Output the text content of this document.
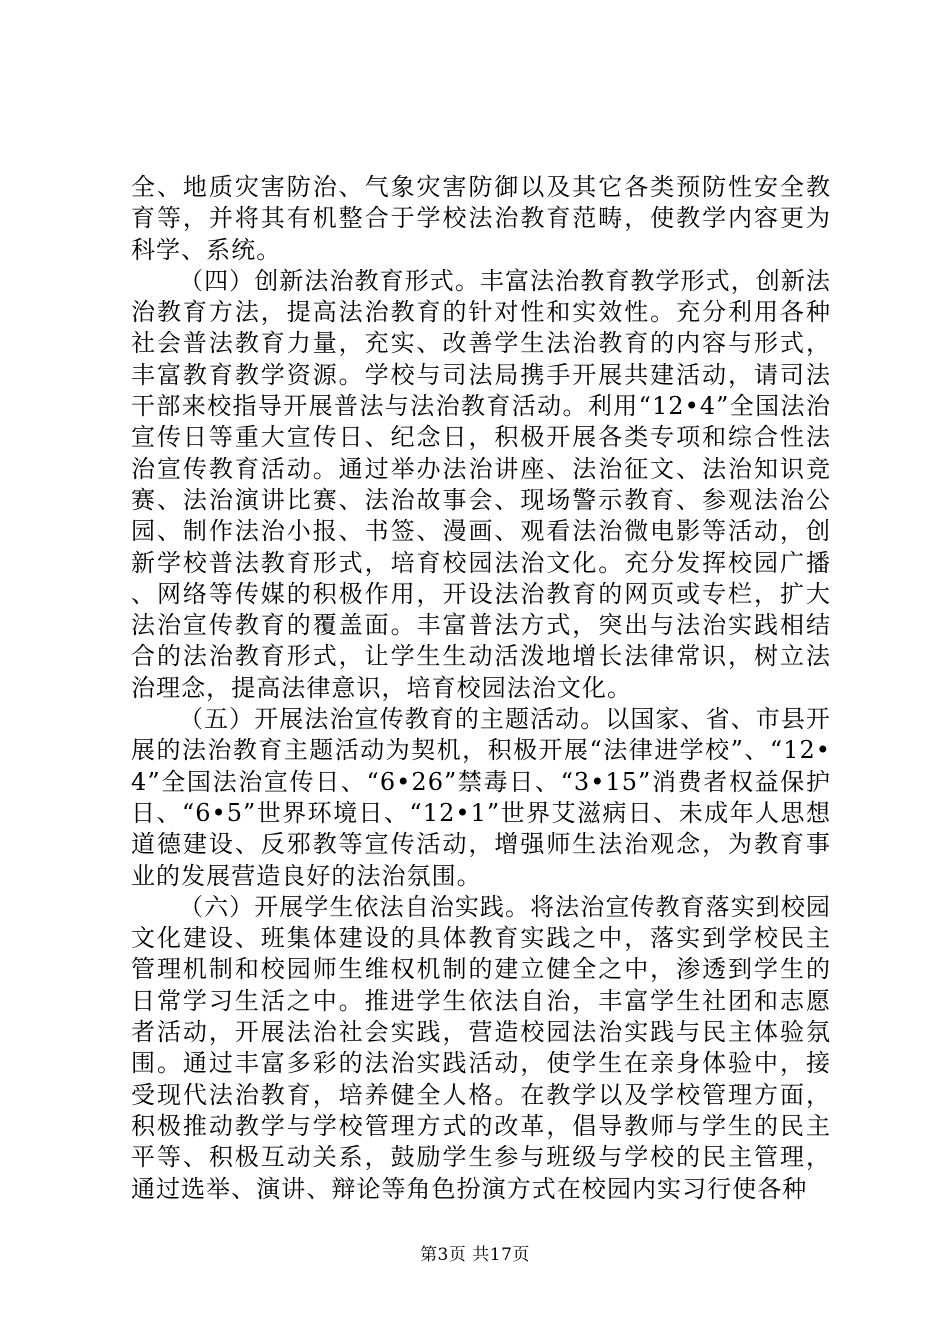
全、地质灾害防治、气象灾害防御以及其它各类预防性安全教育等，并将其有机整合于学校法治教育范畴，使教学内容更为科学、系统。

（四）创新法治教育形式。丰富法治教育教学形式，创新法治教育方法，提高法治教育的针对性和实效性。充分利用各种社会普法教育力量，充实、改善学生法治教育的内容与形式，丰富教育教学资源。学校与司法局携手开展共建活动，请司法干部来校指导开展普法与法治教育活动。利用“12•4”全国法治宣传日等重大宣传日、纪念日，积极开展各类专项和综合性法治宣传教育活动。通过举办法治讲座、法治征文、法治知识竞赛、法治演讲比赛、法治故事会、现场警示教育、参观法治公园、制作法治小报、书签、漫画、观看法治微电影等活动，创新学校普法教育形式，培育校园法治文化。充分发挥校园广播、网络等传媒的积极作用，开设法治教育的网页或专栏，扩大法治宣传教育的覆盖面。丰富普法方式，突出与法治实践相结合的法治教育形式，让学生生动活泼地增长法律常识，树立法治理念，提高法律意识，培育校园法治文化。

（五）开展法治宣传教育的主题活动。以国家、省、市县开展的法治教育主题活动为契机，积极开展“法律进学校”、“12•4”全国法治宣传日、“6•26”禁毒日、“3•15”消费者权益保护日、“6•5”世界环境日、“12•1”世界艾滋病日、未成年人思想道德建设、反邪教等宣传活动，增强师生法治观念，为教育事业的发展营造良好的法治氛围。

（六）开展学生依法自治实践。将法治宣传教育落实到校园文化建设、班集体建设的具体教育实践之中，落实到学校民主管理机制和校园师生维权机制的建立健全之中，渗透到学生的日常学习生活之中。推进学生依法自治，丰富学生社团和志愿者活动，开展法治社会实践，营造校园法治实践与民主体验氛围。通过丰富多彩的法治实践活动，使学生在亲身体验中，接受现代法治教育，培养健全人格。在教学以及学校管理方面，积极推动教学与学校管理方式的改革，倡导教师与学生的民主平等、积极互动关系，鼓励学生参与班级与学校的民主管理，通过选举、演讲、辩论等角色扮演方式在校园内实习行使各种

第3页 共17页
